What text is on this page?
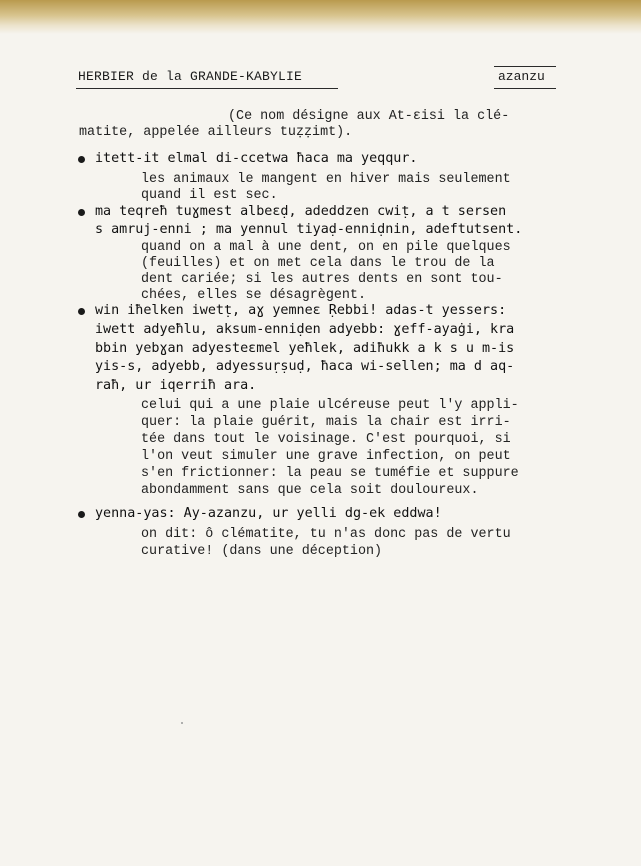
HERBIER de la GRANDE-KABYLIE	azanzu
(Ce nom désigne aux At-ɛisi la clé-
matite, appelée ailleurs tuẓẓimt).
itett-it elmal di-ccetwa ħaca ma yeqqur.
les animaux le mangent en hiver mais seulement
quand il est sec.
ma teqreħ tuɣmest albeɛḍ, adeddzen cwiṭ, a t sersen
s amruj-enni ; ma yennul tiyaḍ-enniḍnin, adeftutsent.
quand on a mal à une dent, on en pile quelques
(feuilles) et on met cela dans le trou de la
dent cariée; si les autres dents en sont tou-
chées, elles se désagrègent.
win iħelken iwetṭ, aɣ yemneɛ Ṛebbi! adas-t yessers:
iwett adyeħlu, aksum-enniḍen adyebb: ɣeff-ayaġi, kra
bbin yebɣan adyesteɛmel yeħlek, adiħukk a k s u m-is
yis-s, adyebb, adyessuṛṣuḍ, ħaca wi-sellen; ma d aq-
raħ, ur iqerriħ ara.
celui qui a une plaie ulcéreuse peut l'y appli-
quer: la plaie guérit, mais la chair est irri-
tée dans tout le voisinage. C'est pourquoi, si
l'on veut simuler une grave infection, on peut
s'en frictionner: la peau se tuméfie et suppure
abondamment sans que cela soit douloureux.
yenna-yas: Ay-azanzu, ur yelli dg-ek eddwa!
on dit: ô clématite, tu n'as donc pas de vertu
curative! (dans une déception)
